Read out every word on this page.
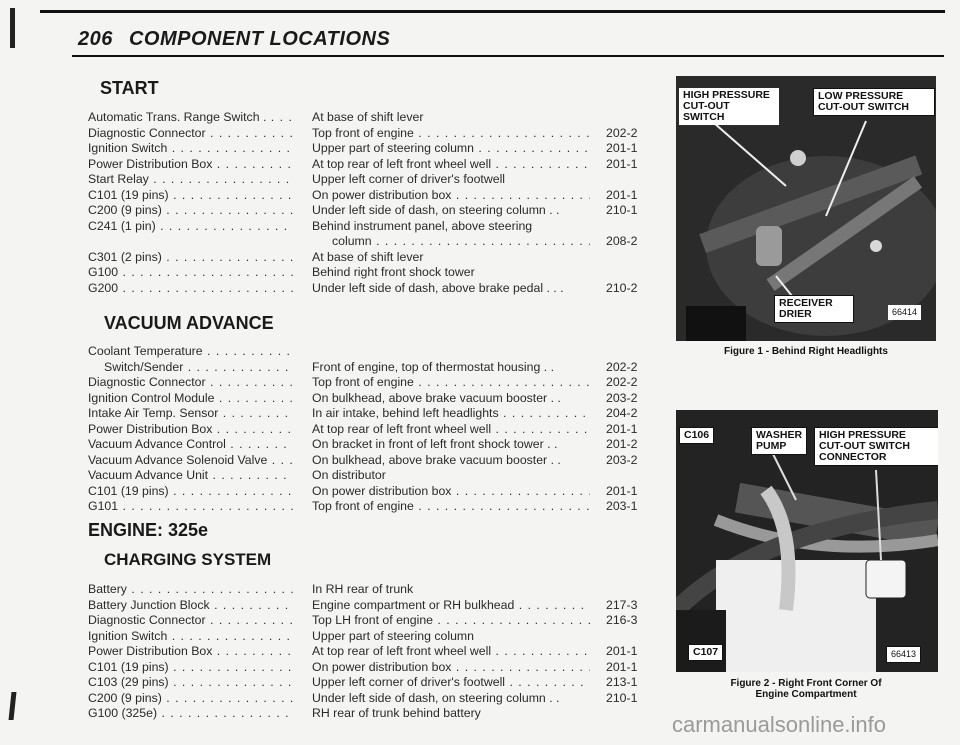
206 COMPONENT LOCATIONS
START
Automatic Trans. Range Switch . . . .	At base of shift lever
Diagnostic Connector . . .	Top front of engine . . .	202-2
Ignition Switch . . .	Upper part of steering column . . .	201-1
Power Distribution Box . . .	At top rear of left front wheel well . . .	201-1
Start Relay . . .	Upper left corner of driver's footwell
C101 (19 pins) . . .	On power distribution box . . .	201-1
C200 (9 pins) . . .	Under left side of dash, on steering column . .	210-1
C241 (1 pin) . . .	Behind instrument panel, above steering
column . . .	208-2
C301 (2 pins) . . .	At base of shift lever
G100 . . .	Behind right front shock tower
G200 . . .	Under left side of dash, above brake pedal . . .	210-2
VACUUM ADVANCE
Coolant Temperature . . .
Switch/Sender . . .	Front of engine, top of thermostat housing . .	202-2
Diagnostic Connector . . .	Top front of engine . . .	202-2
Ignition Control Module . . .	On bulkhead, above brake vacuum booster . .	203-2
Intake Air Temp. Sensor . . .	In air intake, behind left headlights . . .	204-2
Power Distribution Box . . .	At top rear of left front wheel well . . .	201-1
Vacuum Advance Control . . .	On bracket in front of left front shock tower . .	201-2
Vacuum Advance Solenoid Valve . . .	On bulkhead, above brake vacuum booster . .	203-2
Vacuum Advance Unit . . .	On distributor
C101 (19 pins) . . .	On power distribution box . . .	201-1
G101 . . .	Top front of engine . . .	203-1
ENGINE: 325e
CHARGING SYSTEM
Battery . . .	In RH rear of trunk
Battery Junction Block . . .	Engine compartment or RH bulkhead . . .	217-3
Diagnostic Connector . . .	Top LH front of engine . . .	216-3
Ignition Switch . . .	Upper part of steering column
Power Distribution Box . . .	At top rear of left front wheel well . . .	201-1
C101 (19 pins) . . .	On power distribution box . . .	201-1
C103 (29 pins) . . .	Upper left corner of driver's footwell . . .	213-1
C200 (9 pins) . . .	Under left side of dash, on steering column . .	210-1
G100 (325e) . . .	RH rear of trunk behind battery
HIGH PRESSURE
CUT-OUT
SWITCH
LOW PRESSURE
CUT-OUT SWITCH
RECEIVER
DRIER	66414
Figure 1 - Behind Right Headlights
C106	WASHER
PUMP
HIGH PRESSURE
CUT-OUT SWITCH
CONNECTOR
C107	66413
Figure 2 - Right Front Corner Of
Engine Compartment
carmanualsonline.info
